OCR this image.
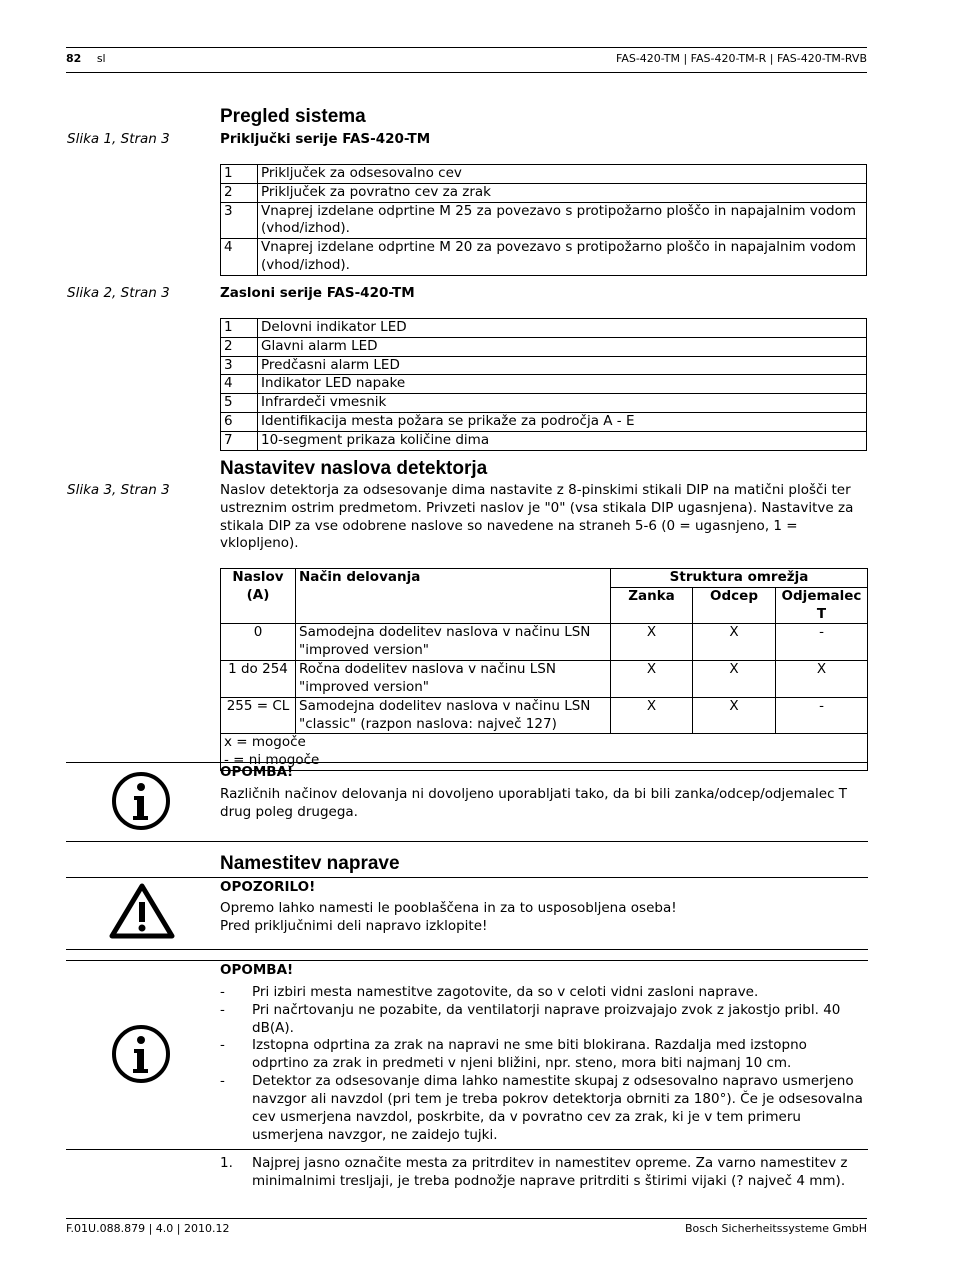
82 sl	FAS-420-TM | FAS-420-TM-R | FAS-420-TM-RVB
Pregled sistema
Slika 1, Stran 3	Priključki serije FAS-420-TM
1	Priključek za odsesovalno cev
2	Priključek za povratno cev za zrak
3	Vnaprej izdelane odprtine M 25 za povezavo s protipožarno ploščo in napajalnim vodom (vhod/izhod).
4	Vnaprej izdelane odprtine M 20 za povezavo s protipožarno ploščo in napajalnim vodom (vhod/izhod).
Slika 2, Stran 3	Zasloni serije FAS-420-TM
1	Delovni indikator LED
2	Glavni alarm LED
3	Predčasni alarm LED
4	Indikator LED napake
5	Infrardeči vmesnik
6	Identifikacija mesta požara se prikaže za področja A - E
7	10-segment prikaza količine dima
Nastavitev naslova detektorja
Slika 3, Stran 3	Naslov detektorja za odsesovanje dima nastavite z 8-pinskimi stikali DIP na matični plošči ter ustreznim ostrim predmetom. Privzeti naslov je "0" (vsa stikala DIP ugasnjena). Nastavitve za stikala DIP za vse odobrene naslove so navedene na straneh 5-6 (0 = ugasnjeno, 1 = vklopljeno).
Naslov (A)	Način delovanja	Struktura omrežja		
		Zanka	Odcep	Odjemalec T
0	Samodejna dodelitev naslova v načinu LSN "improved version"	X	X	-
1 do 254	Ročna dodelitev naslova v načinu LSN "improved version"	X	X	X
255 = CL	Samodejna dodelitev naslova v načinu LSN "classic" (razpon naslova: največ 127)	X	X	-

x = mogoče
- = ni mogoče				
OPOMBA!
Različnih načinov delovanja ni dovoljeno uporabljati tako, da bi bili zanka/odcep/odjemalec T drug poleg drugega.
Namestitev naprave
OPOZORILO!
Opremo lahko namesti le pooblaščena in za to usposobljena oseba!
Pred priključnimi deli napravo izklopite!
OPOMBA!
- Pri izbiri mesta namestitve zagotovite, da so v celoti vidni zasloni naprave.
- Pri načrtovanju ne pozabite, da ventilatorji naprave proizvajajo zvok z jakostjo pribl. 40 dB(A).
- Izstopna odprtina za zrak na napravi ne sme biti blokirana. Razdalja med izstopno odprtino za zrak in predmeti v njeni bližini, npr. steno, mora biti najmanj 10 cm.
- Detektor za odsesovanje dima lahko namestite skupaj z odsesovalno napravo usmerjeno navzgor ali navzdol (pri tem je treba pokrov detektorja obrniti za 180°). Če je odsesovalna cev usmerjena navzdol, poskrbite, da v povratno cev za zrak, ki je v tem primeru usmerjena navzgor, ne zaidejo tujki.
1. Najprej jasno označite mesta za pritrditev in namestitev opreme. Za varno namestitev z minimalnimi tresljaji, je treba podnožje naprave pritrditi s štirimi vijaki (? največ 4 mm).
F.01U.088.879 | 4.0 | 2010.12	Bosch Sicherheitssysteme GmbH
